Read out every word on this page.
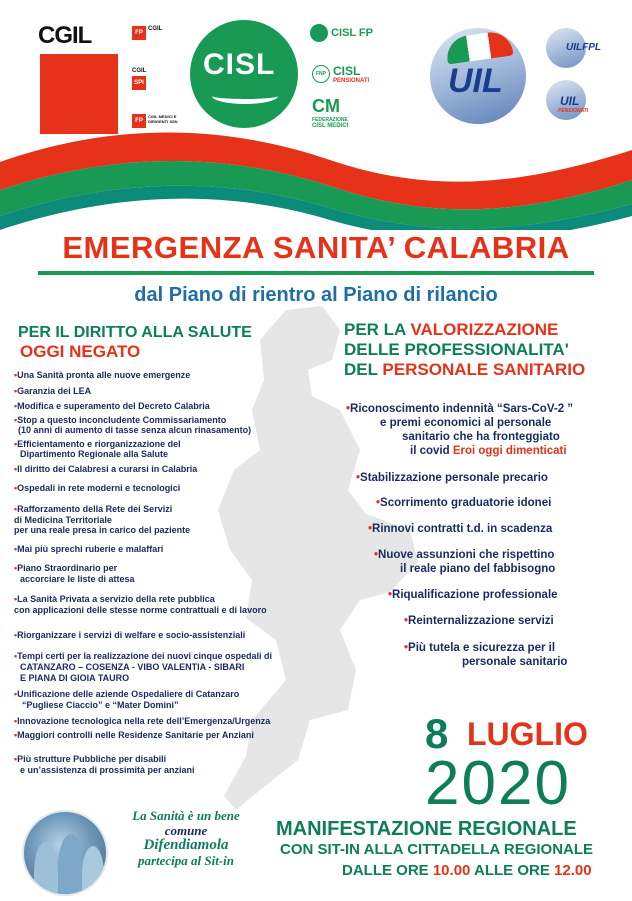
CGIL	FP
CGIL
CGIL
SPI
FP
CGIL MEDICI E DIRIGENTI SSN
CISL
CISL FP
FNP CISL
PENSIONATI
CM
FEDERAZIONE
CISL MEDICI
UIL
UILFPL
UIL
PENSIONATI
EMERGENZA SANITA’ CALABRIA
dal Piano di rientro al Piano di rilancio
PER IL DIRITTO ALLA SALUTE
OGGI NEGATO
•Una Sanità pronta alle nuove emergenze
•Garanzia dei LEA
•Modifica e superamento del Decreto Calabria
•Stop a questo inconcludente Commissariamento
(10 anni di aumento di tasse senza alcun rinasamento)
•Efficientamento e riorganizzazione del
Dipartimento Regionale alla Salute
•Il diritto dei Calabresi a curarsi in Calabria
•Ospedali in rete moderni e tecnologici
•Rafforzamento della Rete dei Servizi
di Medicina Territoriale
per una reale presa in carico del paziente
•Mai più sprechi ruberie e malaffari
•Piano Straordinario per
accorciare le liste di attesa
•La Sanità Privata a servizio della rete pubblica
con applicazioni delle stesse norme contrattuali e di lavoro
•Riorganizzare i servizi di welfare e socio-assistenziali
•Tempi certi per la realizzazione dei nuovi cinque ospedali di
CATANZARO – COSENZA - VIBO VALENTIA - SIBARI
E PIANA DI GIOIA TAURO
•Unificazione delle aziende Ospedaliere di Catanzaro
“Pugliese Ciaccio” e “Mater Domini”
•Innovazione tecnologica nella rete dell’Emergenza/Urgenza
•Maggiori controlli nelle Residenze Sanitarie per Anziani
•Più strutture Pubbliche per disabili
e un’assistenza di prossimità per anziani
PER LA VALORIZZAZIONE
DELLE PROFESSIONALITA'
DEL PERSONALE SANITARIO
•Riconoscimento indennità “Sars-CoV-2 ”
e premi economici al personale
sanitario che ha fronteggiato
il covid Eroi oggi dimenticati
•Stabilizzazione personale precario
•Scorrimento graduatorie idonei
•Rinnovi contratti t.d. in scadenza
•Nuove assunzioni che rispettino
il reale piano del fabbisogno
•Riqualificazione professionale
•Reinternalizzazione servizi
•Più tutela e sicurezza per il
personale sanitario
8 LUGLIO
2020
MANIFESTAZIONE REGIONALE
CON SIT-IN ALLA CITTADELLA REGIONALE
DALLE ORE 10.00 ALLE ORE 12.00
La Sanità è un bene
comune
Difendiamola
partecipa al Sit-in
